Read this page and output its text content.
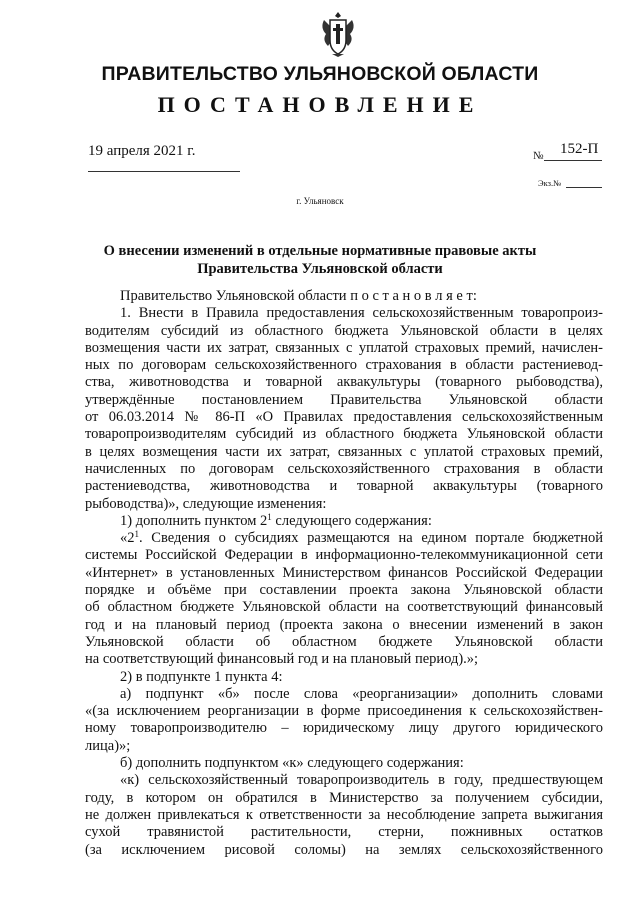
ПРАВИТЕЛЬСТВО УЛЬЯНОВСКОЙ ОБЛАСТИ
ПОСТАНОВЛЕНИЕ
19 апреля 2021 г.	№ 152-П
Экз.№
г. Ульяновск
О внесении изменений в отдельные нормативные правовые акты
Правительства Ульяновской области

Правительство Ульяновской области п о с т а н о в л я е т:

1. Внести в Правила предоставления сельскохозяйственным товаропроиз-

водителям субсидий из областного бюджета Ульяновской области в целях

возмещения части их затрат, связанных с уплатой страховых премий, начислен-

ных по договорам сельскохозяйственного страхования в области растениевод-

ства, животноводства и товарной аквакультуры (товарного рыбоводства),

утверждённые постановлением Правительства Ульяновской области

от 06.03.2014 № 86-П «О Правилах предоставления сельскохозяйственным

товаропроизводителям субсидий из областного бюджета Ульяновской области

в целях возмещения части их затрат, связанных с уплатой страховых премий,

начисленных по договорам сельскохозяйственного страхования в области

растениеводства, животноводства и товарной аквакультуры (товарного

рыбоводства)», следующие изменения:

1) дополнить пунктом $2^1$ следующего содержания:

«$2^1$. Сведения о субсидиях размещаются на едином портале бюджетной

системы Российской Федерации в информационно-телекоммуникационной сети

«Интернет» в установленных Министерством финансов Российской Федерации

порядке и объёме при составлении проекта закона Ульяновской области

об областном бюджете Ульяновской области на соответствующий финансовый

год и на плановый период (проекта закона о внесении изменений в закон

Ульяновской области об областном бюджете Ульяновской области

на соответствующий финансовый год и на плановый период).»;

2) в подпункте 1 пункта 4:

а) подпункт «б» после слова «реорганизации» дополнить словами

«(за исключением реорганизации в форме присоединения к сельскохозяйствен-

ному товаропроизводителю – юридическому лицу другого юридического

лица)»;

б) дополнить подпунктом «к» следующего содержания:

«к) сельскохозяйственный товаропроизводитель в году, предшествующем

году, в котором он обратился в Министерство за получением субсидии,

не должен привлекаться к ответственности за несоблюдение запрета выжигания

сухой травянистой растительности, стерни, пожнивных остатков

(за исключением рисовой соломы) на землях сельскохозяйственного
